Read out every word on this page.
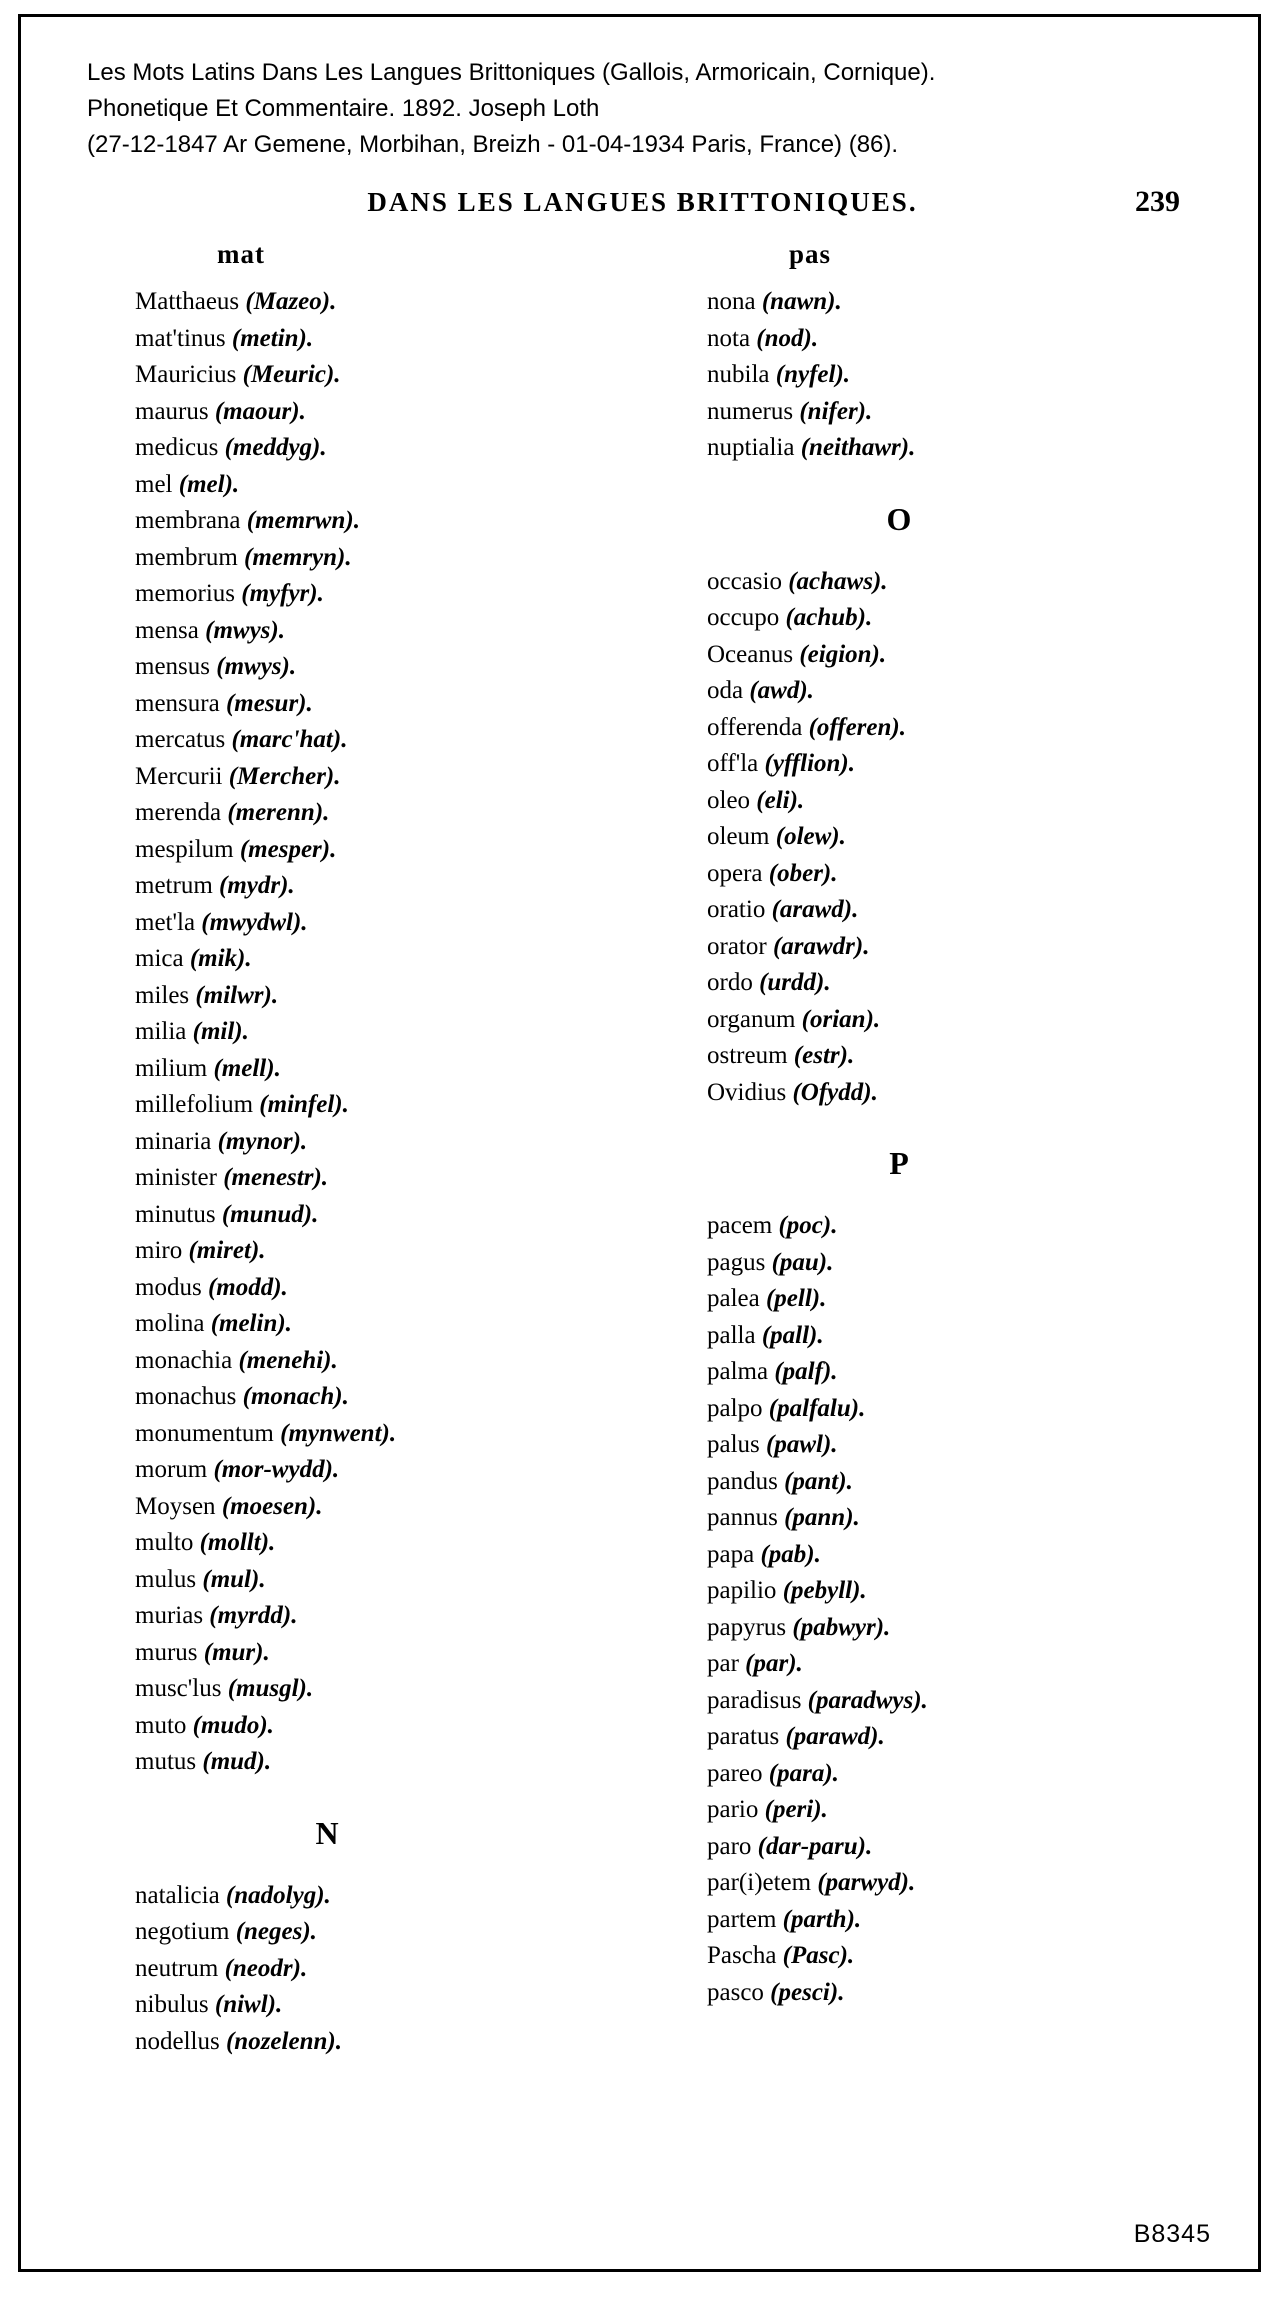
Les Mots Latins Dans Les Langues Brittoniques (Gallois, Armoricain, Cornique).
Phonetique Et Commentaire. 1892. Joseph Loth
(27-12-1847 Ar Gemene, Morbihan, Breizh - 01-04-1934 Paris, France) (86).
DANS LES LANGUES BRITTONIQUES.	239
mat
Matthaeus (Mazeo).
mat'tinus (metin).
Mauricius (Meuric).
maurus (maour).
medicus (meddyg).
mel (mel).
membrana (memrwn).
membrum (memryn).
memorius (myfyr).
mensa (mwys).
mensus (mwys).
mensura (mesur).
mercatus (marc'hat).
Mercurii (Mercher).
merenda (merenn).
mespilum (mesper).
metrum (mydr).
met'la (mwydwl).
mica (mik).
miles (milwr).
milia (mil).
milium (mell).
millefolium (minfel).
minaria (mynor).
minister (menestr).
minutus (munud).
miro (miret).
modus (modd).
molina (melin).
monachia (menehi).
monachus (monach).
monumentum (mynwent).
morum (mor-wydd).
Moysen (moesen).
multo (mollt).
mulus (mul).
murias (myrdd).
murus (mur).
musc'lus (musgl).
muto (mudo).
mutus (mud).
N
natalicia (nadolyg).
negotium (neges).
neutrum (neodr).
nibulus (niwl).
nodellus (nozelenn).
pas
nona (nawn).
nota (nod).
nubila (nyfel).
numerus (nifer).
nuptialia (neithawr).
O
occasio (achaws).
occupo (achub).
Oceanus (eigion).
oda (awd).
offerenda (offeren).
off'la (yfflion).
oleo (eli).
oleum (olew).
opera (ober).
oratio (arawd).
orator (arawdr).
ordo (urdd).
organum (orian).
ostreum (estr).
Ovidius (Ofydd).
P
pacem (poc).
pagus (pau).
palea (pell).
palla (pall).
palma (palf).
palpo (palfalu).
palus (pawl).
pandus (pant).
pannus (pann).
papa (pab).
papilio (pebyll).
papyrus (pabwyr).
par (par).
paradisus (paradwys).
paratus (parawd).
pareo (para).
pario (peri).
paro (dar-paru).
par(i)etem (parwyd).
partem (parth).
Pascha (Pasc).
pasco (pesci).
B8345
